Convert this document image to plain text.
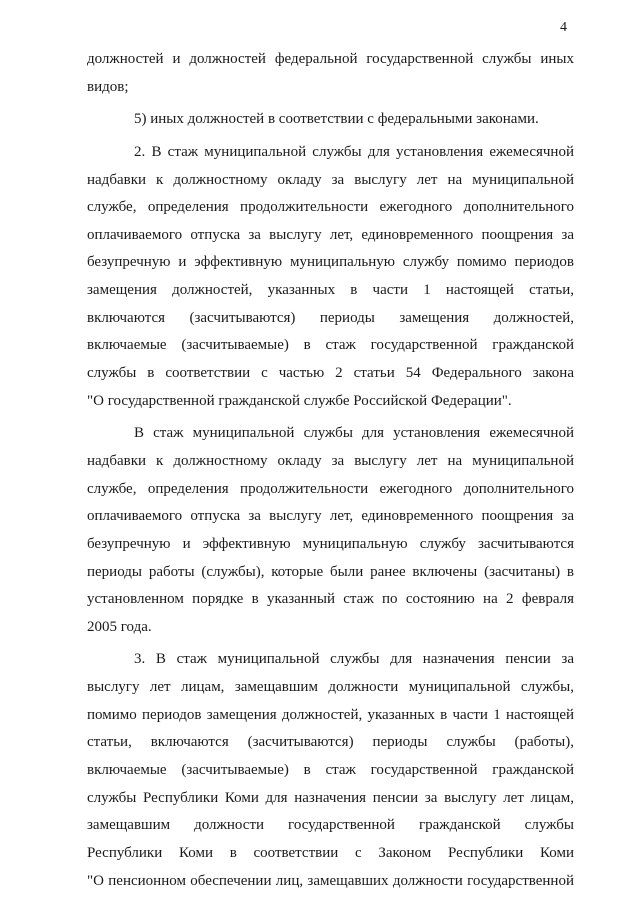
4
должностей и должностей федеральной государственной службы иных
видов;
5) иных должностей в соответствии с федеральными законами.
2. В стаж муниципальной службы для установления ежемесячной
надбавки к должностному окладу за выслугу лет на муниципальной
службе, определения продолжительности ежегодного дополнительного
оплачиваемого отпуска за выслугу лет, единовременного поощрения за
безупречную и эффективную муниципальную службу помимо периодов
замещения должностей, указанных в части 1 настоящей статьи,
включаются (засчитываются) периоды замещения должностей,
включаемые (засчитываемые) в стаж государственной гражданской
службы в соответствии с частью 2 статьи 54 Федерального закона
"О государственной гражданской службе Российской Федерации".
В стаж муниципальной службы для установления ежемесячной
надбавки к должностному окладу за выслугу лет на муниципальной
службе, определения продолжительности ежегодного дополнительного
оплачиваемого отпуска за выслугу лет, единовременного поощрения за
безупречную и эффективную муниципальную службу засчитываются
периоды работы (службы), которые были ранее включены (засчитаны) в
установленном порядке в указанный стаж по состоянию на 2 февраля
2005 года.
3. В стаж муниципальной службы для назначения пенсии за
выслугу лет лицам, замещавшим должности муниципальной службы,
помимо периодов замещения должностей, указанных в части 1 настоящей
статьи, включаются (засчитываются) периоды службы (работы),
включаемые (засчитываемые) в стаж государственной гражданской
службы Республики Коми для назначения пенсии за выслугу лет лицам,
замещавшим должности государственной гражданской службы
Республики Коми в соответствии с Законом Республики Коми
"О пенсионном обеспечении лиц, замещавших должности государственной
